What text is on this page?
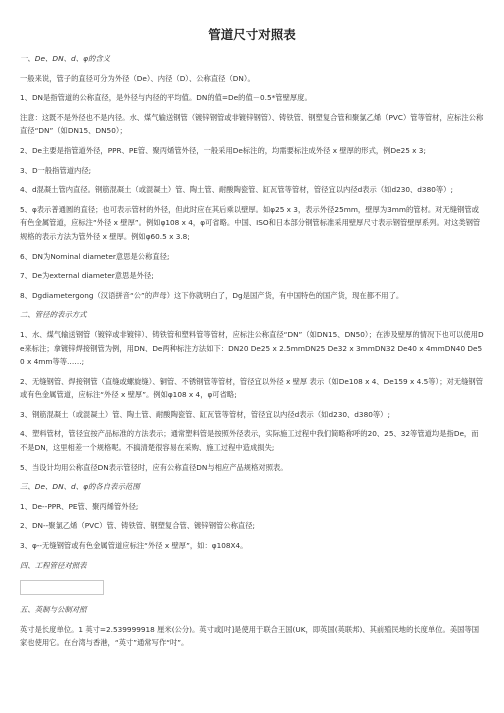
管道尺寸对照表
一、De、DN、d、φ的含义
一般来说，管子的直径可分为外径（De）、内径（D）、公称直径（DN）。
1、DN是指管道的公称直径，是外径与内径的平均值。DN的值=De的值－0.5*管壁厚度。
注意：这既不是外径也不是内径。水、煤气输送钢管（镀锌钢管或非镀锌钢管）、铸铁管、钢塑复合管和聚氯乙烯（PVC）管等管材，应标注公称直径“DN”（如DN15、DN50）；
2、De主要是指管道外径，PPR、PE管、聚丙烯管外径，一般采用De标注的，均需要标注成外径 x 壁厚的形式，例De25 x 3;
3、D一般指管道内径;
4、d混凝土管内直径。钢筋混凝土（或混凝土）管、陶土管、耐酸陶瓷管、缸瓦管等管材，管径宜以内径d表示（如d230、d380等）;
5、φ表示普通圆的直径；也可表示管材的外径，但此时应在其后乘以壁厚。如φ25 x 3，表示外径25mm，壁厚为3mm的管材。对无缝钢管或有色金属管道，应标注“外径 x 壁厚”。例如φ108 x 4，φ可省略。中国、ISO和日本部分钢管标准采用壁厚尺寸表示钢管壁厚系列。对这类钢管规格的表示方法为管外径 x 壁厚。例如φ60.5 x 3.8;
6、DN为Nominal diameter意思是公称直径;
7、De为external diameter意思是外径;
8、Dgdiametergong（汉语拼音“公”的声母）这下你就明白了，Dg是国产货，有中国特色的国产货，现在都不用了。
二、管径的表示方式
1、水、煤气输送钢管（镀锌或非镀锌）、铸铁管和塑料管等管材，应标注公称直径“DN”（如DN15、DN50）；在涉及壁厚的情况下也可以使用De来标注；拿镀锌焊接钢管为例，用DN、De两种标注方法如下：DN20 De25 x 2.5mmDN25 De32 x 3mmDN32 De40 x 4mmDN40 De50 x 4mm等等……;
2、无缝钢管、焊接钢管（直缝或螺旋缝）、铜管、不锈钢管等管材，管径宜以外径 x 壁厚 表示（如De108 x 4、De159 x 4.5等）；对无缝钢管或有色金属管道，应标注“外径 x 壁厚”。例如φ108 x 4，φ可省略;
3、钢筋混凝土（或混凝土）管、陶土管、耐酸陶瓷管、缸瓦管等管材，管径宜以内径d表示（如d230、d380等）;
4、塑料管材，管径宜按产品标准的方法表示；通常塑料管是按照外径表示，实际施工过程中我们简略称呼的20、25、32等管道均是指De，而不是DN，这里相差一个规格呢。不搞清楚很容易在采购、施工过程中造成损失;
5、当设计均用公称直径DN表示管径时，应有公称直径DN与相应产品规格对照表。
三、De、DN、d、φ的各自表示范围
1、De--PPR、PE管、聚丙烯管外径;
2、DN--聚氯乙烯（PVC）管、铸铁管、钢塑复合管、镀锌钢管公称直径;
3、φ--无缝钢管或有色金属管道应标注“外径 x 壁厚”，如：φ108X4。
四、工程管径对照表
五、英制与公制对照
英寸是长度单位。1 英寸=2.539999918 厘米(公分)。英寸或[吋]是使用于联合王国(UK，即英国(英联邦)、其前殖民地的长度单位。美国等国家也使用它。在台湾与香港，“英寸”通常写作“吋”。
